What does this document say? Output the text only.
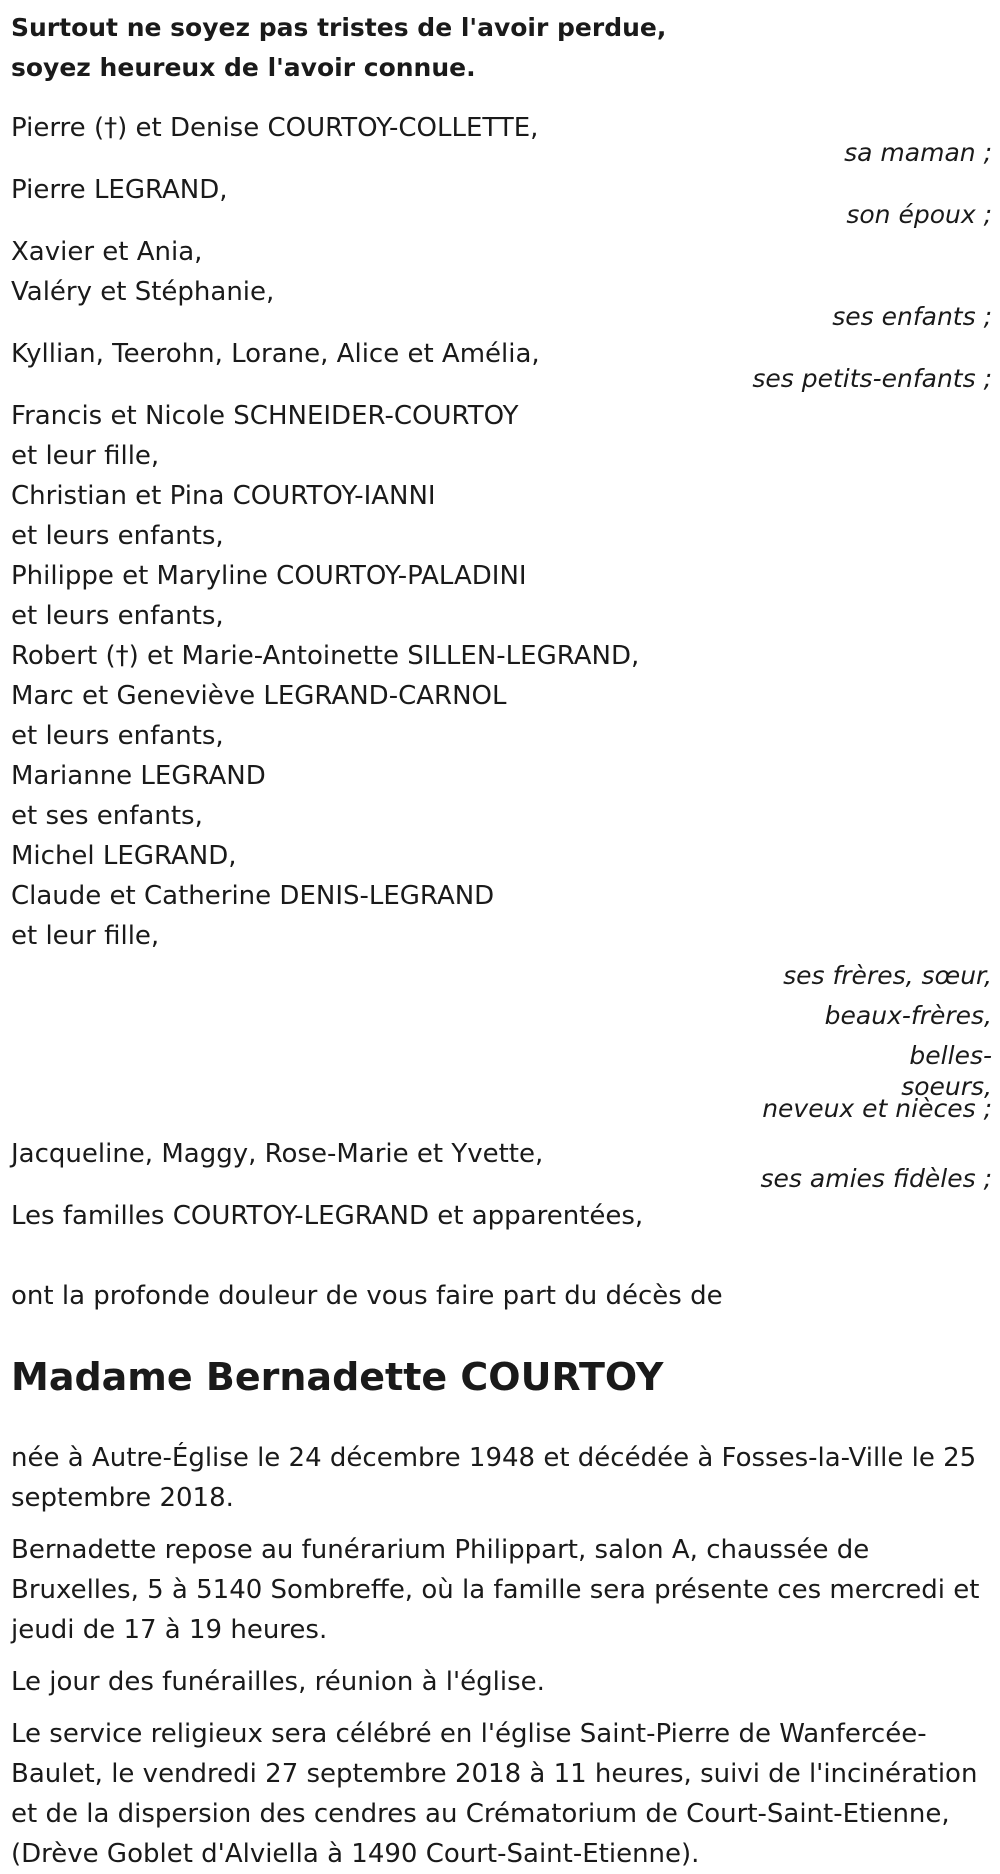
Surtout ne soyez pas tristes de l'avoir perdue,
soyez heureux de l'avoir connue.
Pierre (†) et Denise COURTOY-COLLETTE,
sa maman ;
Pierre LEGRAND,
son époux ;
Xavier et Ania,
Valéry et Stéphanie,
ses enfants ;
Kyllian, Teerohn, Lorane, Alice et Amélia,
ses petits-enfants ;
Francis et Nicole SCHNEIDER-COURTOY
et leur fille,
Christian et Pina COURTOY-IANNI
et leurs enfants,
Philippe et Maryline COURTOY-PALADINI
et leurs enfants,
Robert (†) et Marie-Antoinette SILLEN-LEGRAND,
Marc et Geneviève LEGRAND-CARNOL
et leurs enfants,
Marianne LEGRAND
et ses enfants,
Michel LEGRAND,
Claude et Catherine DENIS-LEGRAND
et leur fille,
ses frères, sœur,
beaux-frères, belles-
soeurs,
neveux et nièces ;
Jacqueline, Maggy, Rose-Marie et Yvette,
ses amies fidèles ;
Les familles COURTOY-LEGRAND et apparentées,
ont la profonde douleur de vous faire part du décès de
Madame Bernadette COURTOY
née à Autre-Église le 24 décembre 1948 et décédée à Fosses-la-Ville le 25 septembre 2018.
Bernadette repose au funérarium Philippart, salon A, chaussée de Bruxelles, 5 à 5140 Sombreffe, où la famille sera présente ces mercredi et jeudi de 17 à 19 heures.
Le jour des funérailles, réunion à l'église.
Le service religieux sera célébré en l'église Saint-Pierre de Wanfercée-Baulet, le vendredi 27 septembre 2018 à 11 heures, suivi de l'incinération et de la dispersion des cendres au Crématorium de Court-Saint-Etienne, (Drève Goblet d'Alviella à 1490 Court-Saint-Etienne).
